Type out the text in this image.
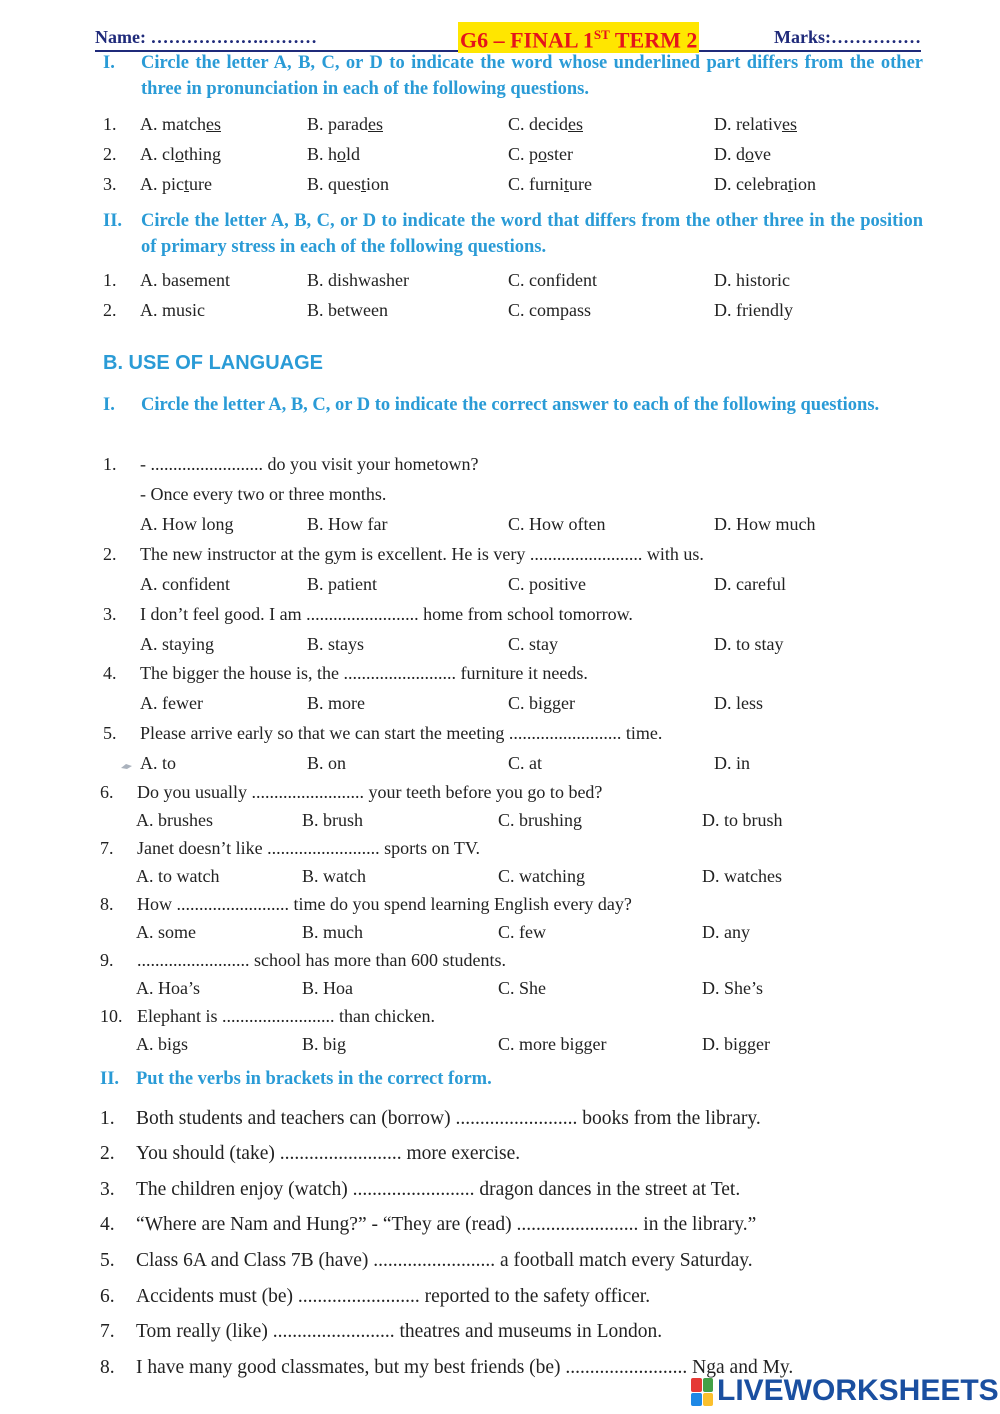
Name: ……………….………	G6 – FINAL 1ST TERM 2	Marks:……………
I. Circle the letter A, B, C, or D to indicate the word whose underlined part differs from the other three in pronunciation in each of the following questions.
1. A. matches	B. parades	C. decides	D. relatives
2. A. clothing	B. hold	C. poster	D. dove
3. A. picture	B. question	C. furniture	D. celebration
II. Circle the letter A, B, C, or D to indicate the word that differs from the other three in the position of primary stress in each of the following questions.
1. A. basement	B. dishwasher	C. confident	D. historic
2. A. music	B. between	C. compass	D. friendly
B. USE OF LANGUAGE
I. Circle the letter A, B, C, or D to indicate the correct answer to each of the following questions.
1. - ......................... do you visit your hometown?
- Once every two or three months.
A. How long	B. How far	C. How often	D. How much
2. The new instructor at the gym is excellent. He is very ......................... with us.
A. confident	B. patient	C. positive	D. careful
3. I don’t feel good. I am ......................... home from school tomorrow.
A. staying	B. stays	C. stay	D. to stay
4. The bigger the house is, the ......................... furniture it needs.
A. fewer	B. more	C. bigger	D. less
5. Please arrive early so that we can start the meeting ......................... time.
A. to	B. on	C. at	D. in
6. Do you usually ......................... your teeth before you go to bed?
A. brushes	B. brush	C. brushing	D. to brush
7. Janet doesn’t like ......................... sports on TV.
A. to watch	B. watch	C. watching	D. watches
8. How ......................... time do you spend learning English every day?
A. some	B. much	C. few	D. any
9. ......................... school has more than 600 students.
A. Hoa’s	B. Hoa	C. She	D. She’s
10. Elephant is ......................... than chicken.
A. bigs	B. big	C. more bigger	D. bigger
II. Put the verbs in brackets in the correct form.
1. Both students and teachers can (borrow) ......................... books from the library.
2. You should (take) ......................... more exercise.
3. The children enjoy (watch) ......................... dragon dances in the street at Tet.
4. “Where are Nam and Hung?” - “They are (read) ......................... in the library.”
5. Class 6A and Class 7B (have) ......................... a football match every Saturday.
6. Accidents must (be) ......................... reported to the safety officer.
7. Tom really (like) ......................... theatres and museums in London.
8. I have many good classmates, but my best friends (be) ......................... Nga and My.
LIVEWORKSHEETS
